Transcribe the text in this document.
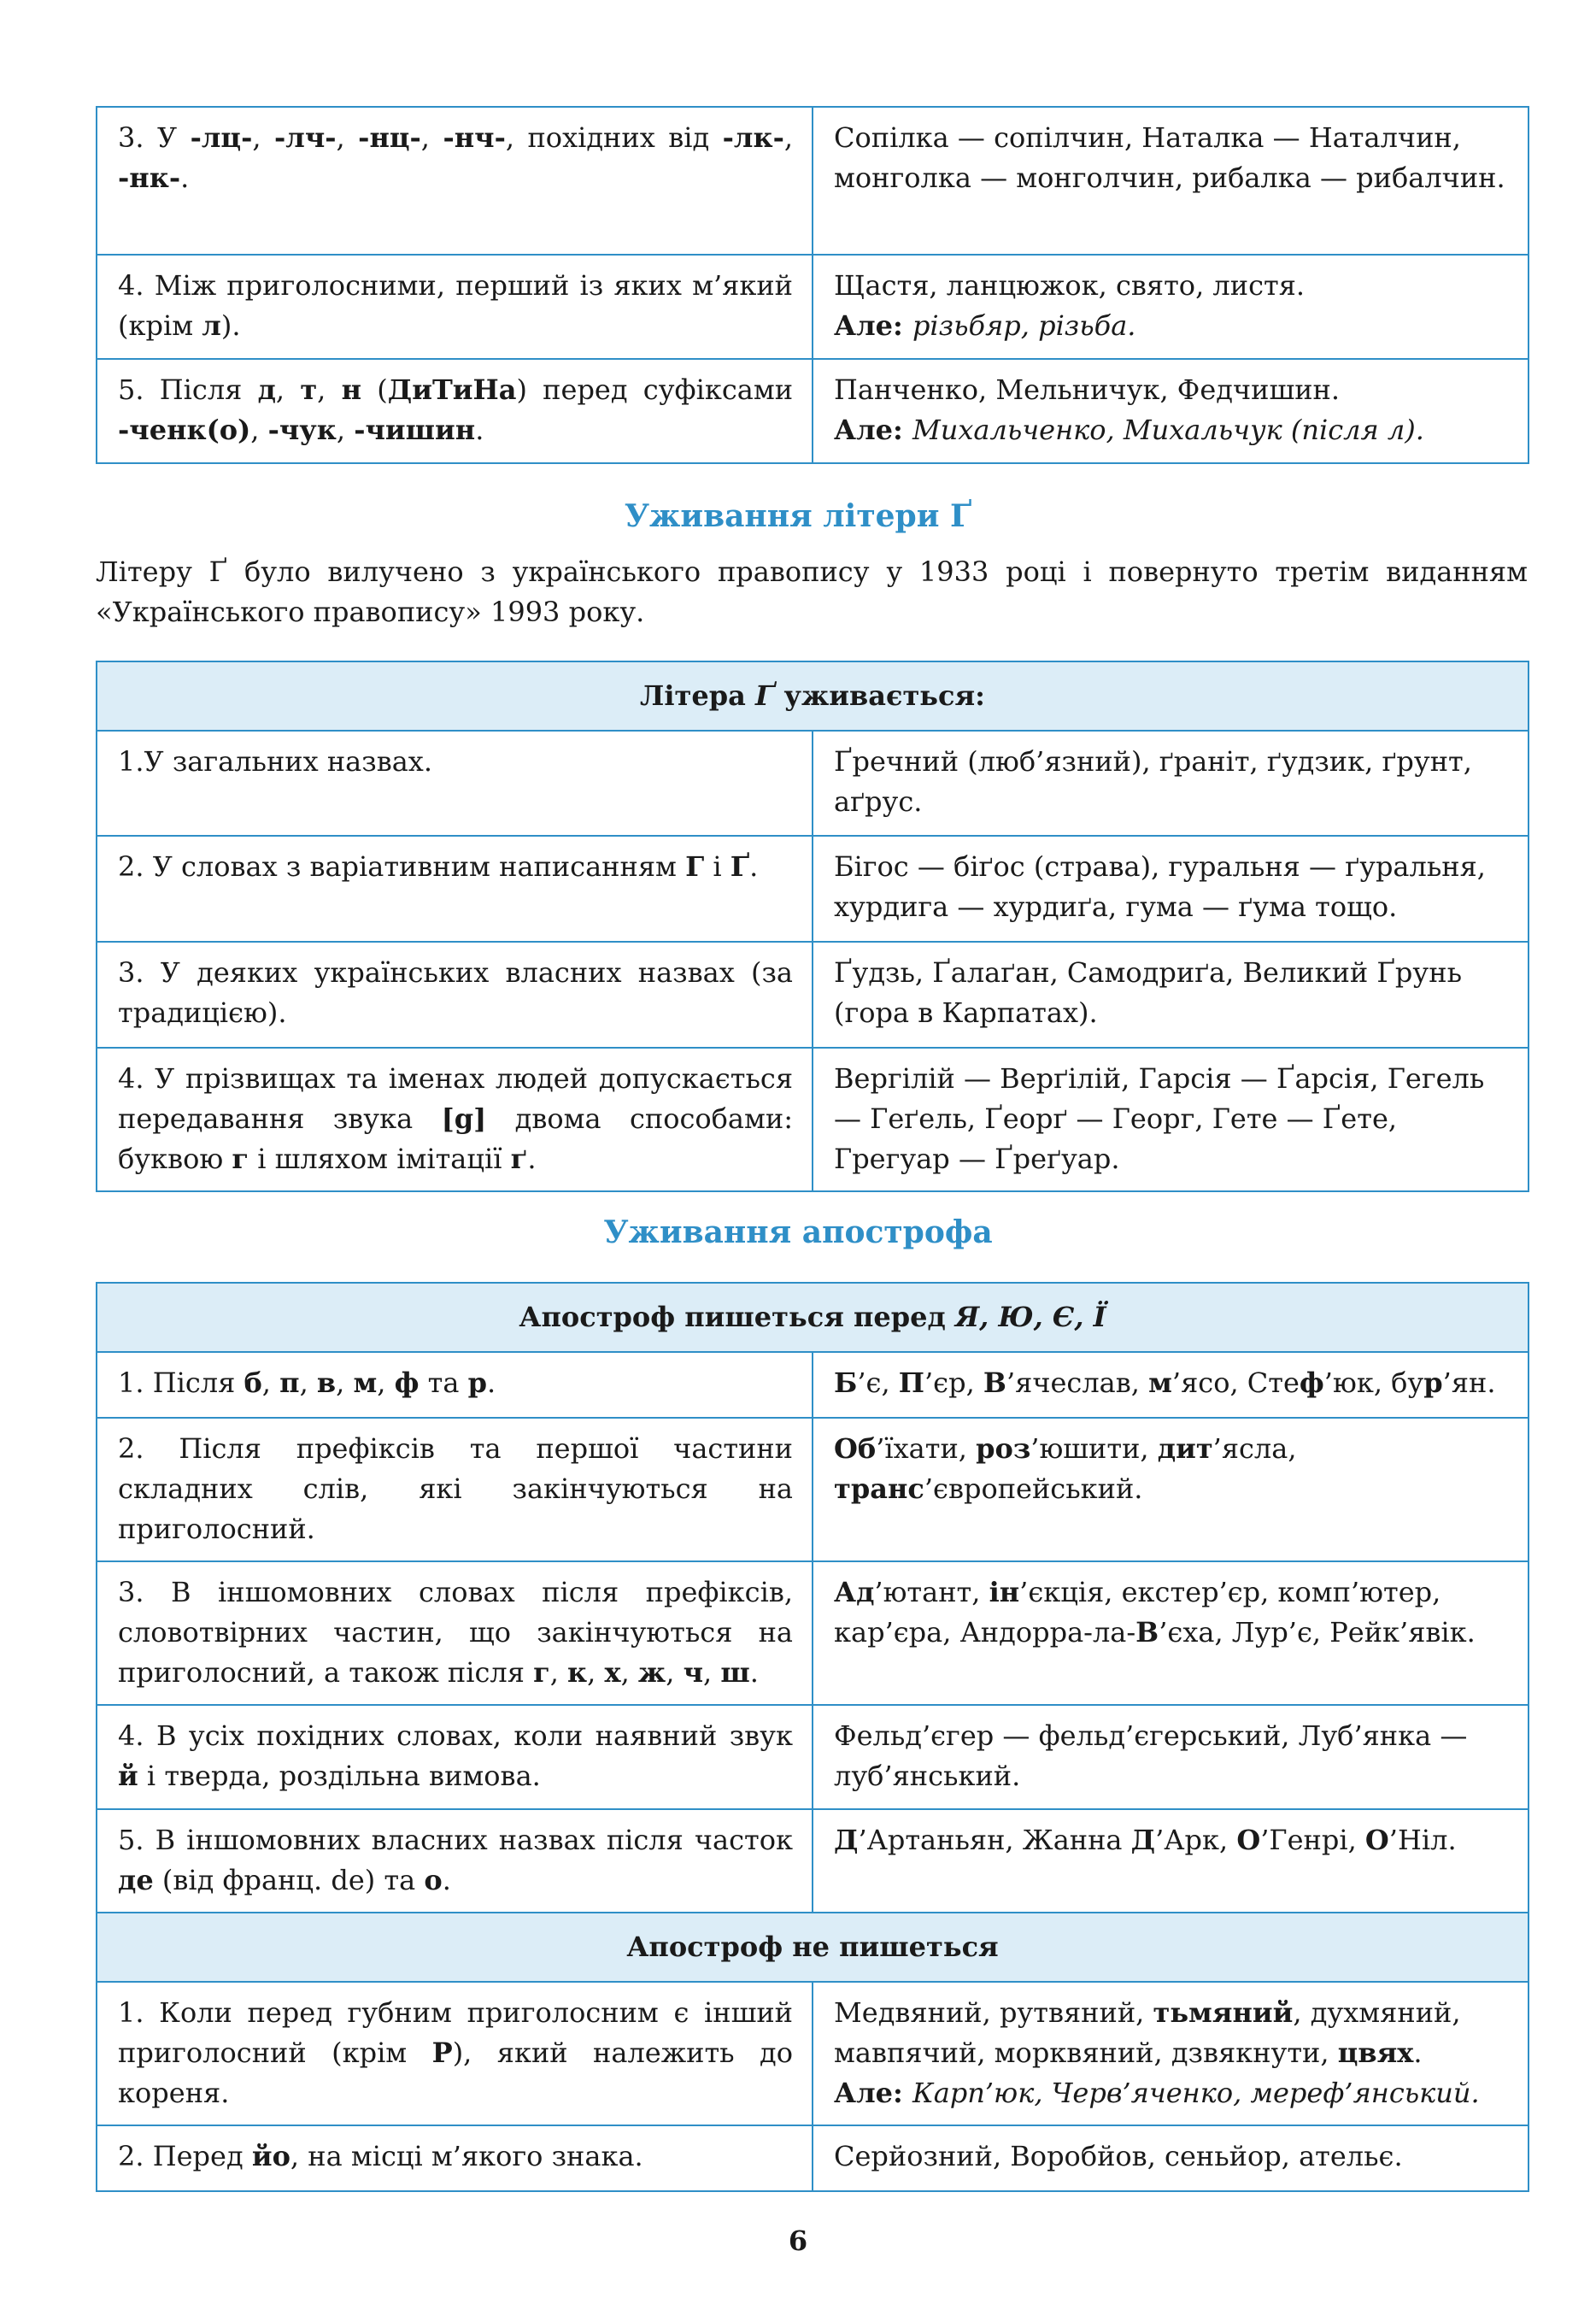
3. У -лц-, -лч-, -нц-, -нч-, похідних від -лк-, -нк-.	Сопілка — сопілчин, Наталка — Наталчин, монголка — монголчин, рибалка — рибалчин.
4. Між приголосними, перший із яких м’який (крім л).	Щастя, ланцюжок, свято, листя.
Але: різьбяр, різьба.
5. Після д, т, н (ДиТиНа) перед суфіксами -ченк(о), -чук, -чишин.	Панченко, Мельничук, Федчишин.
Але: Михальченко, Михальчук (після л).
Уживання літери Ґ

Літеру Ґ було вилучено з українського правопису у 1933 році і повернуто третім виданням «Українського правопису» 1993 року.

Літера Ґ уживається:	
1.У загальних назвах.	Ґречний (люб’язний), ґраніт, ґудзик, ґрунт, аґрус.
2. У словах з варіативним написанням Г і Ґ.	Бігос — біґос (страва), гуральня — ґуральня, хурдига — хурдиґа, гума — ґума тощо.
3. У деяких українських власних назвах (за традицією).	Ґудзь, Ґалаґан, Самодриґа, Великий Ґрунь (гора в Карпатах).
4. У прізвищах та іменах людей допускається передавання звука [g] двома способами: буквою г і шляхом імітації ґ.	Вергілій — Верґілій, Гарсія — Ґарсія, Гегель — Геґель, Ґеорґ — Георг, Гете — Ґете, Грегуар — Ґреґуар.
Уживання апострофа
Апостроф пишеться перед Я, Ю, Є, Ї	
1. Після б, п, в, м, ф та р.	Б’є, П’єр, В’ячеслав, м’ясо, Стеф’юк, бур’ян.
2. Після префіксів та першої частини складних слів, які закінчуються на приголосний.	Об’їхати, роз’юшити, дит’ясла, транс’європейський.
3. В іншомовних словах після префіксів, словотвірних частин, що закінчуються на приголосний, а також після г, к, х, ж, ч, ш.	Ад’ютант, ін’єкція, екстер’єр, комп’ютер, кар’єра, Андорра-ла-В’єха, Лур’є, Рейк’явік.
4. В усіх похідних словах, коли наявний звук й і тверда, роздільна вимова.	Фельд’єгер — фельд’єгерський, Луб’янка — луб’янський.
5. В іншомовних власних назвах після часток де (від франц. de) та о.	Д’Артаньян, Жанна Д’Арк, О’Генрі, О’Ніл.
Апостроф не пишеться	
1. Коли перед губним приголосним є інший приголосний (крім Р), який належить до кореня.	Медвяний, рутвяний, тьмяний, духмяний, мавпячий, морквяний, дзвякнути, цвях.
Але: Карп’юк, Черв’яченко, мереф’янський.
2. Перед йо, на місці м’якого знака.	Серйозний, Воробйов, сеньйор, ательє.
6
